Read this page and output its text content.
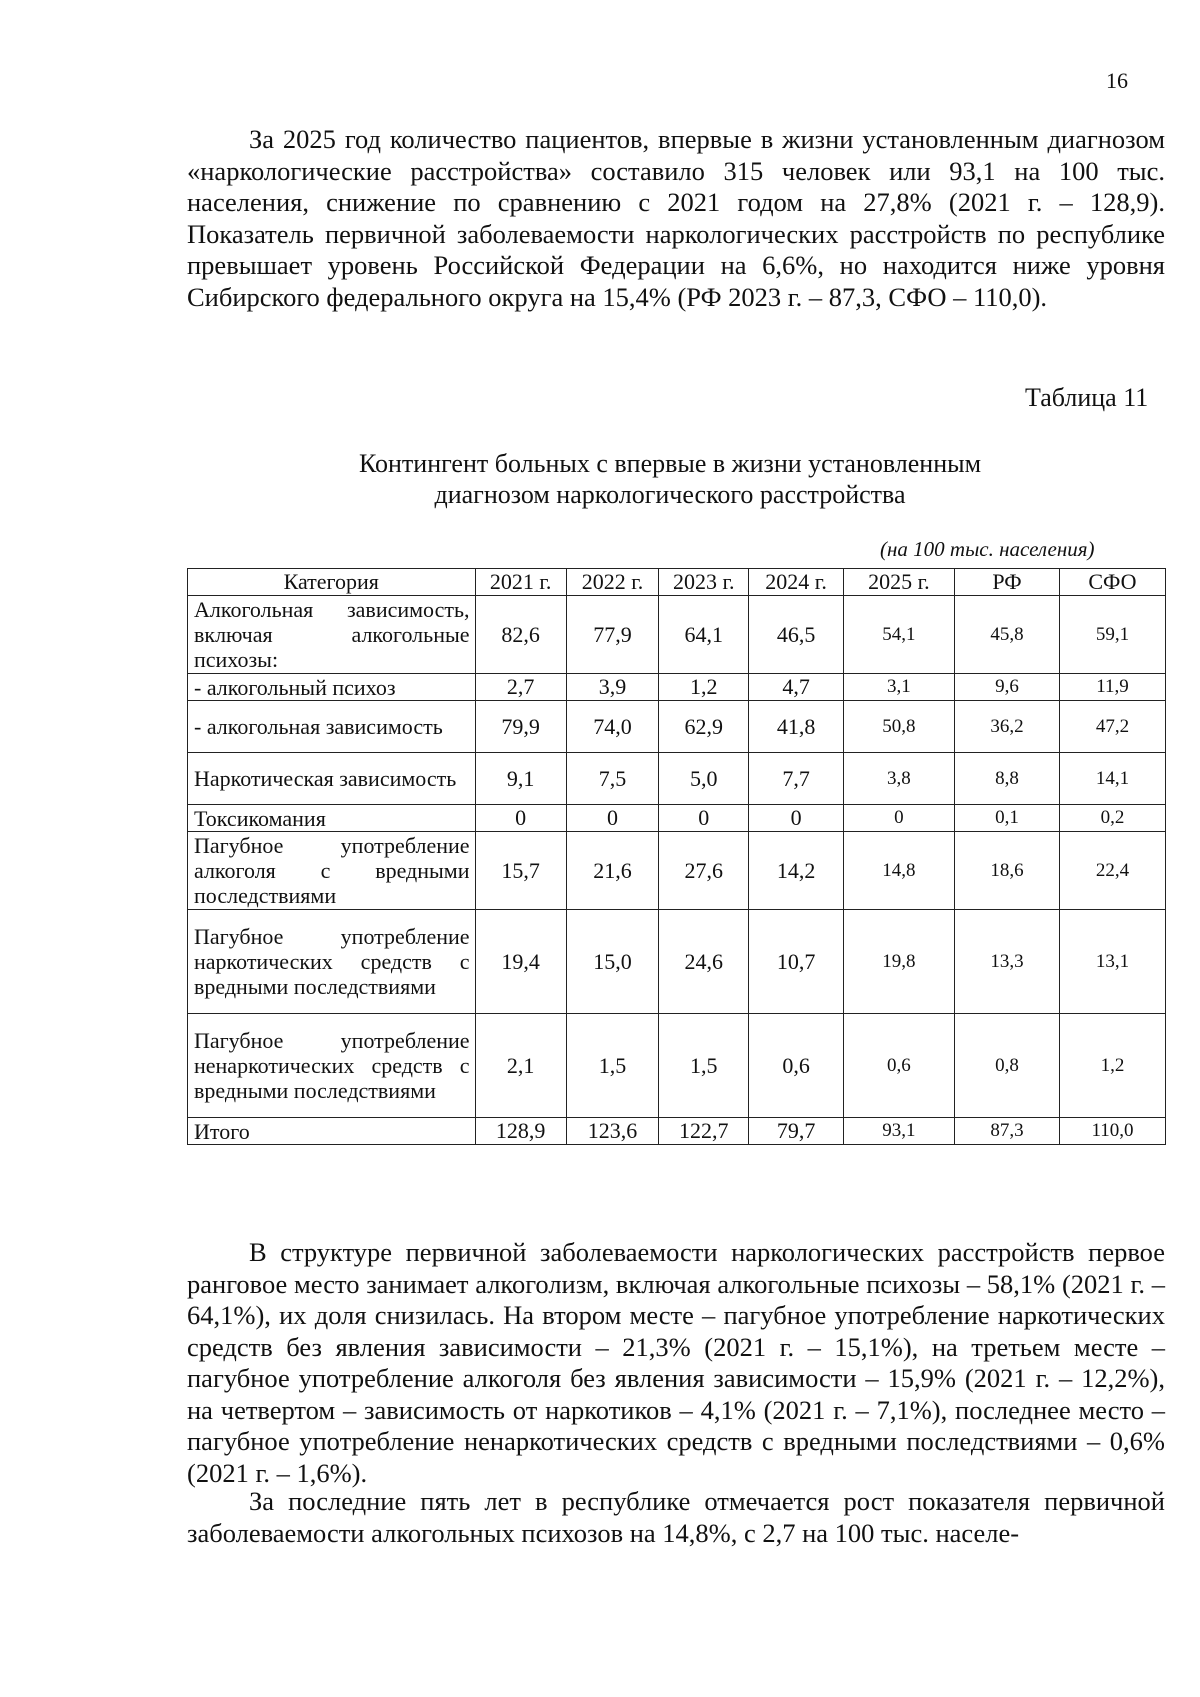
16

За 2025 год количество пациентов, впервые в жизни установленным диагнозом «наркологические расстройства» составило 315 человек или 93,1 на 100 тыс. населения, снижение по сравнению с 2021 годом на 27,8% (2021 г. – 128,9). Показатель первичной заболеваемости наркологических расстройств по республике превышает уровень Российской Федерации на 6,6%, но находится ниже уровня Сибирского федерального округа на 15,4% (РФ 2023 г. – 87,3, СФО – 110,0).

Таблица 11
Контингент больных с впервые в жизни установленным
диагнозом наркологического расстройства
(на 100 тыс. населения)
Категория	2021 г.	2022 г.	2023 г.	2024 г.	2025 г.	РФ	СФО
Алкогольная зависимость, включая алкогольные психозы:	82,6	77,9	64,1	46,5	54,1	45,8	59,1
- алкогольный психоз	2,7	3,9	1,2	4,7	3,1	9,6	11,9
- алкогольная зависимость	79,9	74,0	62,9	41,8	50,8	36,2	47,2
Наркотическая зависимость	9,1	7,5	5,0	7,7	3,8	8,8	14,1
Токсикомания	0	0	0	0	0	0,1	0,2
Пагубное употребление алкоголя с вредными последствиями	15,7	21,6	27,6	14,2	14,8	18,6	22,4
Пагубное употребление наркотических средств с вредными последствиями	19,4	15,0	24,6	10,7	19,8	13,3	13,1
Пагубное употребление ненаркотических средств с вредными последствиями	2,1	1,5	1,5	0,6	0,6	0,8	1,2
Итого	128,9	123,6	122,7	79,7	93,1	87,3	110,0

В структуре первичной заболеваемости наркологических расстройств первое ранговое место занимает алкоголизм, включая алкогольные психозы – 58,1% (2021 г. – 64,1%), их доля снизилась. На втором месте – пагубное употребление наркотических средств без явления зависимости – 21,3% (2021 г. – 15,1%), на третьем месте – пагубное употребление алкоголя без явления зависимости – 15,9% (2021 г. – 12,2%), на четвертом – зависимость от наркотиков – 4,1% (2021 г. – 7,1%), последнее место – пагубное употребление ненаркотических средств с вредными последствиями – 0,6% (2021 г. – 1,6%).

За последние пять лет в республике отмечается рост показателя первичной заболеваемости алкогольных психозов на 14,8%, с 2,7 на 100 тыс. населе-
